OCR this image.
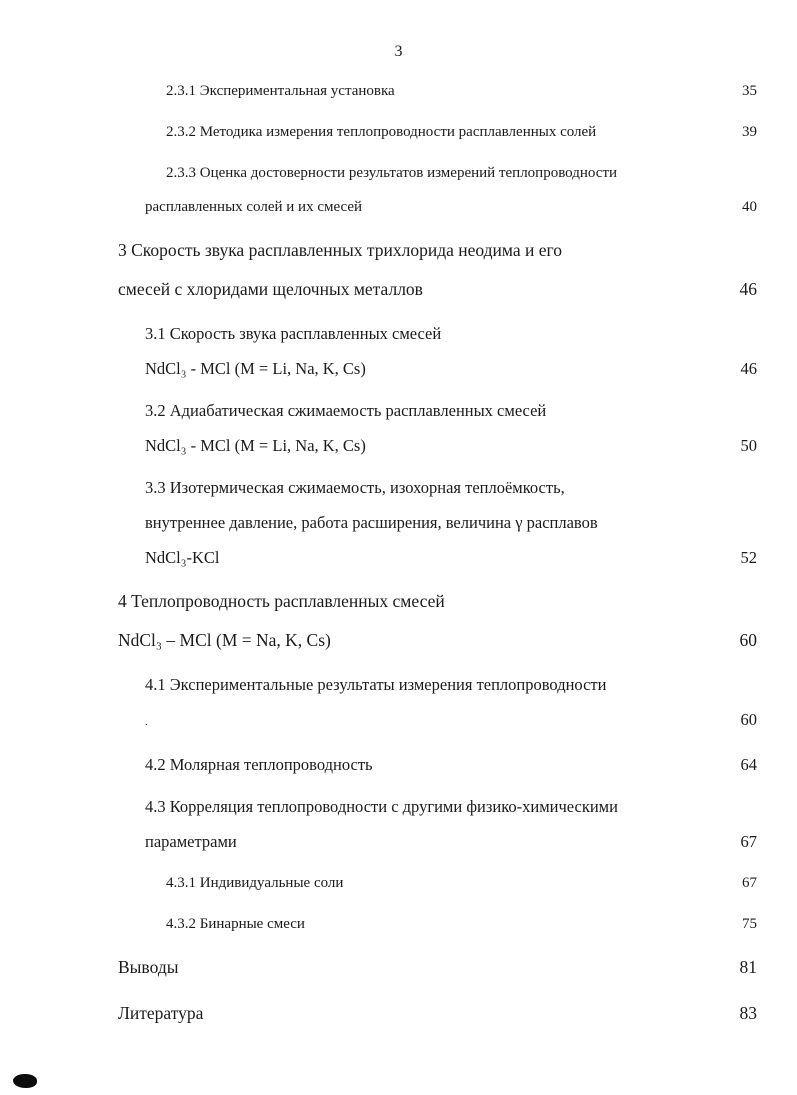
3
2.3.1 Экспериментальная установка	35
2.3.2 Методика измерения теплопроводности расплавленных солей	39
2.3.3 Оценка достоверности результатов измерений теплопроводности
расплавленных солей и их смесей	40
3 Скорость звука расплавленных трихлорида неодима и его
смесей с хлоридами щелочных металлов	46
3.1 Скорость звука расплавленных смесей
NdCl₃ - MCl (M = Li, Na, K, Cs)	46
3.2 Адиабатическая сжимаемость расплавленных смесей
NdCl₃ - MCl (M = Li, Na, K, Cs)	50
3.3 Изотермическая сжимаемость, изохорная теплоёмкость,
внутреннее давление, работа расширения, величина γ расплавов
NdCl₃-KCl	52
4 Теплопроводность расплавленных смесей
NdCl₃ – MCl (M = Na, K, Cs)	60
4.1 Экспериментальные результаты измерения теплопроводности
.	60
4.2 Молярная теплопроводность	64
4.3 Корреляция теплопроводности с другими физико-химическими
параметрами	67
4.3.1 Индивидуальные соли	67
4.3.2 Бинарные смеси	75
Выводы	81
Литература	83
